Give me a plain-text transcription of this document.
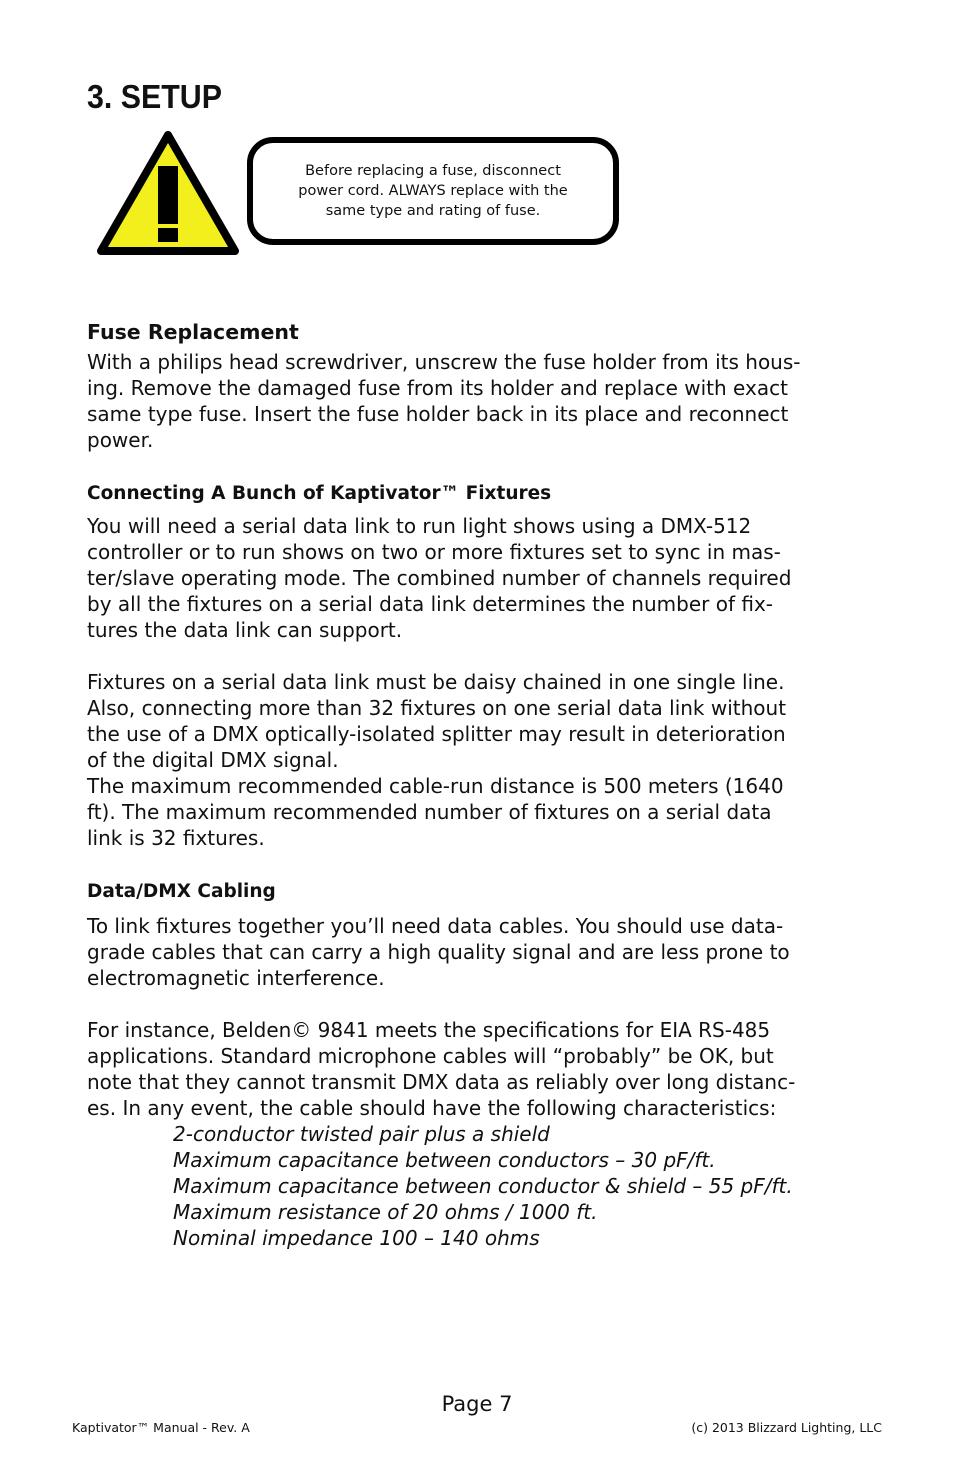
3. SETUP
Before replacing a fuse, disconnect
power cord. ALWAYS replace with the
same type and rating of fuse.
Fuse Replacement

With a philips head screwdriver, unscrew the fuse holder from its hous-
ing. Remove the damaged fuse from its holder and replace with exact
same type fuse. Insert the fuse holder back in its place and reconnect
power.

Connecting A Bunch of Kaptivator™ Fixtures

You will need a serial data link to run light shows using a DMX-512
controller or to run shows on two or more fixtures set to sync in mas-
ter/slave operating mode. The combined number of channels required
by all the fixtures on a serial data link determines the number of fix-
tures the data link can support.

Fixtures on a serial data link must be daisy chained in one single line.
Also, connecting more than 32 fixtures on one serial data link without
the use of a DMX optically-isolated splitter may result in deterioration
of the digital DMX signal.
The maximum recommended cable-run distance is 500 meters (1640
ft). The maximum recommended number of fixtures on a serial data
link is 32 fixtures.

Data/DMX Cabling

To link fixtures together you’ll need data cables. You should use data-
grade cables that can carry a high quality signal and are less prone to
electromagnetic interference.

For instance, Belden© 9841 meets the specifications for EIA RS-485
applications. Standard microphone cables will “probably” be OK, but
note that they cannot transmit DMX data as reliably over long distanc-
es. In any event, the cable should have the following characteristics:

2-conductor twisted pair plus a shield
Maximum capacitance between conductors – 30 pF/ft.
Maximum capacitance between conductor & shield – 55 pF/ft.
Maximum resistance of 20 ohms / 1000 ft.
Nominal impedance 100 – 140 ohms
Page 7
Kaptivator™ Manual - Rev. A	(c) 2013 Blizzard Lighting, LLC
